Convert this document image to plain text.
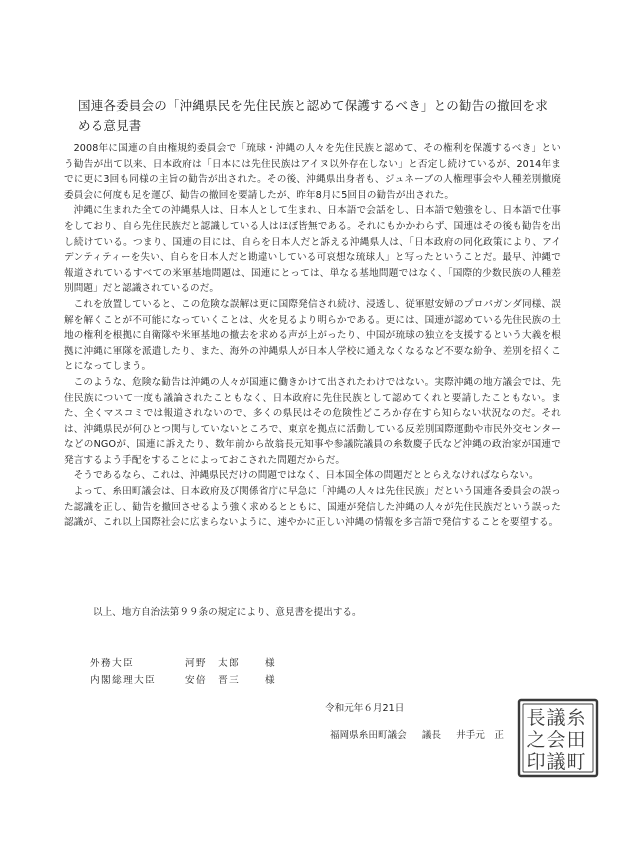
国連各委員会の「沖縄県民を先住民族と認めて保護するべき」との勧告の撤回を求める意見書

2008年に国連の自由権規約委員会で「琉球・沖縄の人々を先住民族と認めて、その権利を保護するべき」という勧告が出て以来、日本政府は「日本には先住民族はアイヌ以外存在しない」と否定し続けているが、2014年までに更に3回も同様の主旨の勧告が出された。その後、沖縄県出身者も、ジュネーブの人権理事会や人種差別撤廃委員会に何度も足を運び、勧告の撤回を要請したが、昨年8月に5回目の勧告が出された。

沖縄に生まれた全ての沖縄県人は、日本人として生まれ、日本語で会話をし、日本語で勉強をし、日本語で仕事をしており、自ら先住民族だと認識している人はほぼ皆無である。それにもかかわらず、国連はその後も勧告を出し続けている。つまり、国連の目には、自らを日本人だと訴える沖縄県人は、「日本政府の同化政策により、アイデンティティーを失い、自らを日本人だと勘違いしている可哀想な琉球人」と写ったということだ。最早、沖縄で報道されているすべての米軍基地問題は、国連にとっては、単なる基地問題ではなく、「国際的少数民族の人種差別問題」だと認識されているのだ。

これを放置していると、この危険な誤解は更に国際発信され続け、浸透し、従軍慰安婦のプロパガンダ同様、誤解を解くことが不可能になっていくことは、火を見るより明らかである。更には、国連が認めている先住民族の土地の権利を根拠に自衛隊や米軍基地の撤去を求める声が上がったり、中国が琉球の独立を支援するという大義を根拠に沖縄に軍隊を派遣したり、また、海外の沖縄県人が日本人学校に通えなくなるなど不要な紛争、差別を招くことになってしまう。

このような、危険な勧告は沖縄の人々が国連に働きかけて出されたわけではない。実際沖縄の地方議会では、先住民族について一度も議論されたこともなく、日本政府に先住民族として認めてくれと要請したこともない。また、全くマスコミでは報道されないので、多くの県民はその危険性どころか存在すら知らない状況なのだ。それは、沖縄県民が何ひとつ関与していないところで、東京を拠点に活動している反差別国際運動や市民外交センターなどのNGOが、国連に訴えたり、数年前から故翁長元知事や参議院議員の糸数慶子氏など沖縄の政治家が国連で発言するよう手配をすることによっておこされた問題だからだ。

そうであるなら、これは、沖縄県民だけの問題ではなく、日本国全体の問題だととらえなければならない。

よって、糸田町議会は、日本政府及び関係省庁に早急に「沖縄の人々は先住民族」だという国連各委員会の誤った認識を正し、勧告を撤回させるよう強く求めるとともに、国連が発信した沖縄の人々が先住民族だという誤った認識が、これ以上国際社会に広まらないように、速やかに正しい沖縄の情報を多言語で発信することを要望する。

以上、地方自治法第９９条の規定により、意見書を提出する。
外務大臣	河野　太郎	様
内閣総理大臣	安倍　晋三	様
令和元年６月21日
福岡県糸田町議会 議長 井手元　正
糸
田
町
議
会
議
長
之
印
